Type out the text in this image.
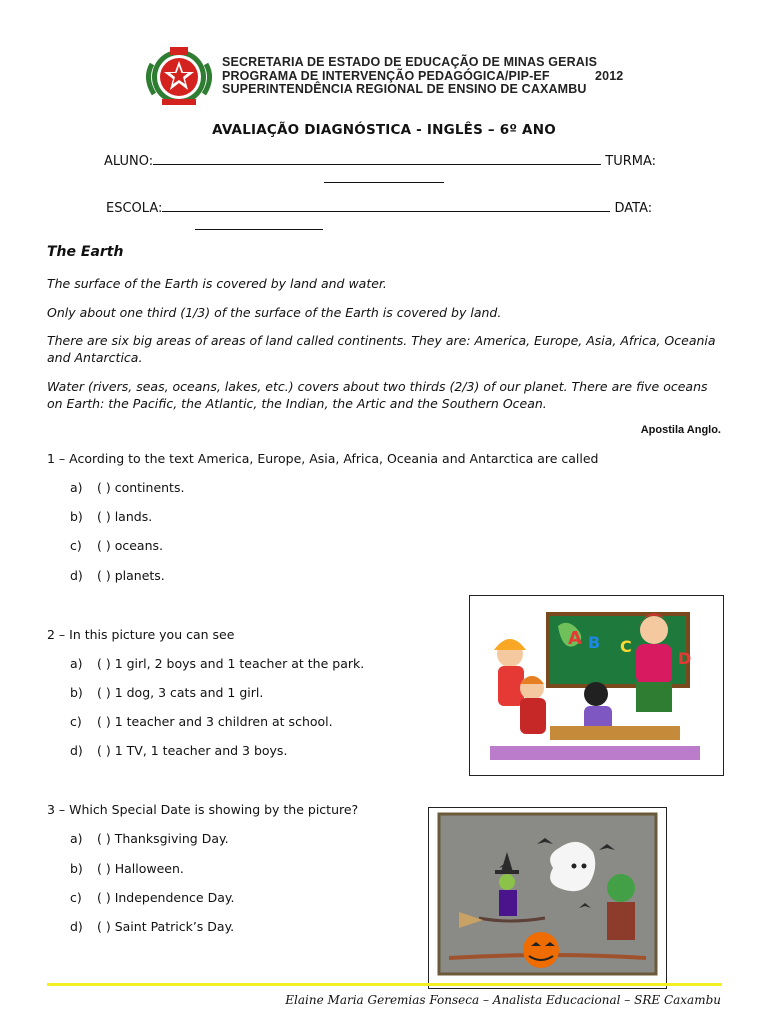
SECRETARIA DE ESTADO DE EDUCAÇÃO DE MINAS GERAIS
PROGRAMA DE INTERVENÇÃO PEDAGÓGICA/PIP-EF	2012
SUPERINTENDÊNCIA REGIONAL DE ENSINO DE CAXAMBU
AVALIAÇÃO DIAGNÓSTICA - INGLÊS – 6º ANO
ALUNO:	TURMA:
ESCOLA:	DATA:
The Earth
The surface of the Earth is covered by land and water.
Only about one third (1/3) of the surface of the Earth is covered by land.
There are six big areas of areas of land called continents. They are: America, Europe, Asia, Africa, Oceania and Antarctica.
Water (rivers, seas, oceans, lakes, etc.) covers about two thirds (2/3) of our planet. There are five oceans on Earth: the Pacific, the Atlantic, the Indian, the Artic and the Southern Ocean.
Apostila Anglo.
1 – Acording to the text America, Europe, Asia, Africa, Oceania and Antarctica are called
a) ( ) continents.
b) ( ) lands.
c) ( ) oceans.
d) ( ) planets.
2 – In this picture you can see
a) ( ) 1 girl, 2 boys and 1 teacher at the park.
b) ( ) 1 dog, 3 cats and 1 girl.
c) ( ) 1 teacher and 3 children at school.
d) ( ) 1 TV, 1 teacher and 3 boys.
A B C
D
3 – Which Special Date is showing by the picture?
a) ( ) Thanksgiving Day.
b) ( ) Halloween.
c) ( ) Independence Day.
d) ( ) Saint Patrick’s Day.
Elaine Maria Geremias Fonseca – Analista Educacional – SRE Caxambu
